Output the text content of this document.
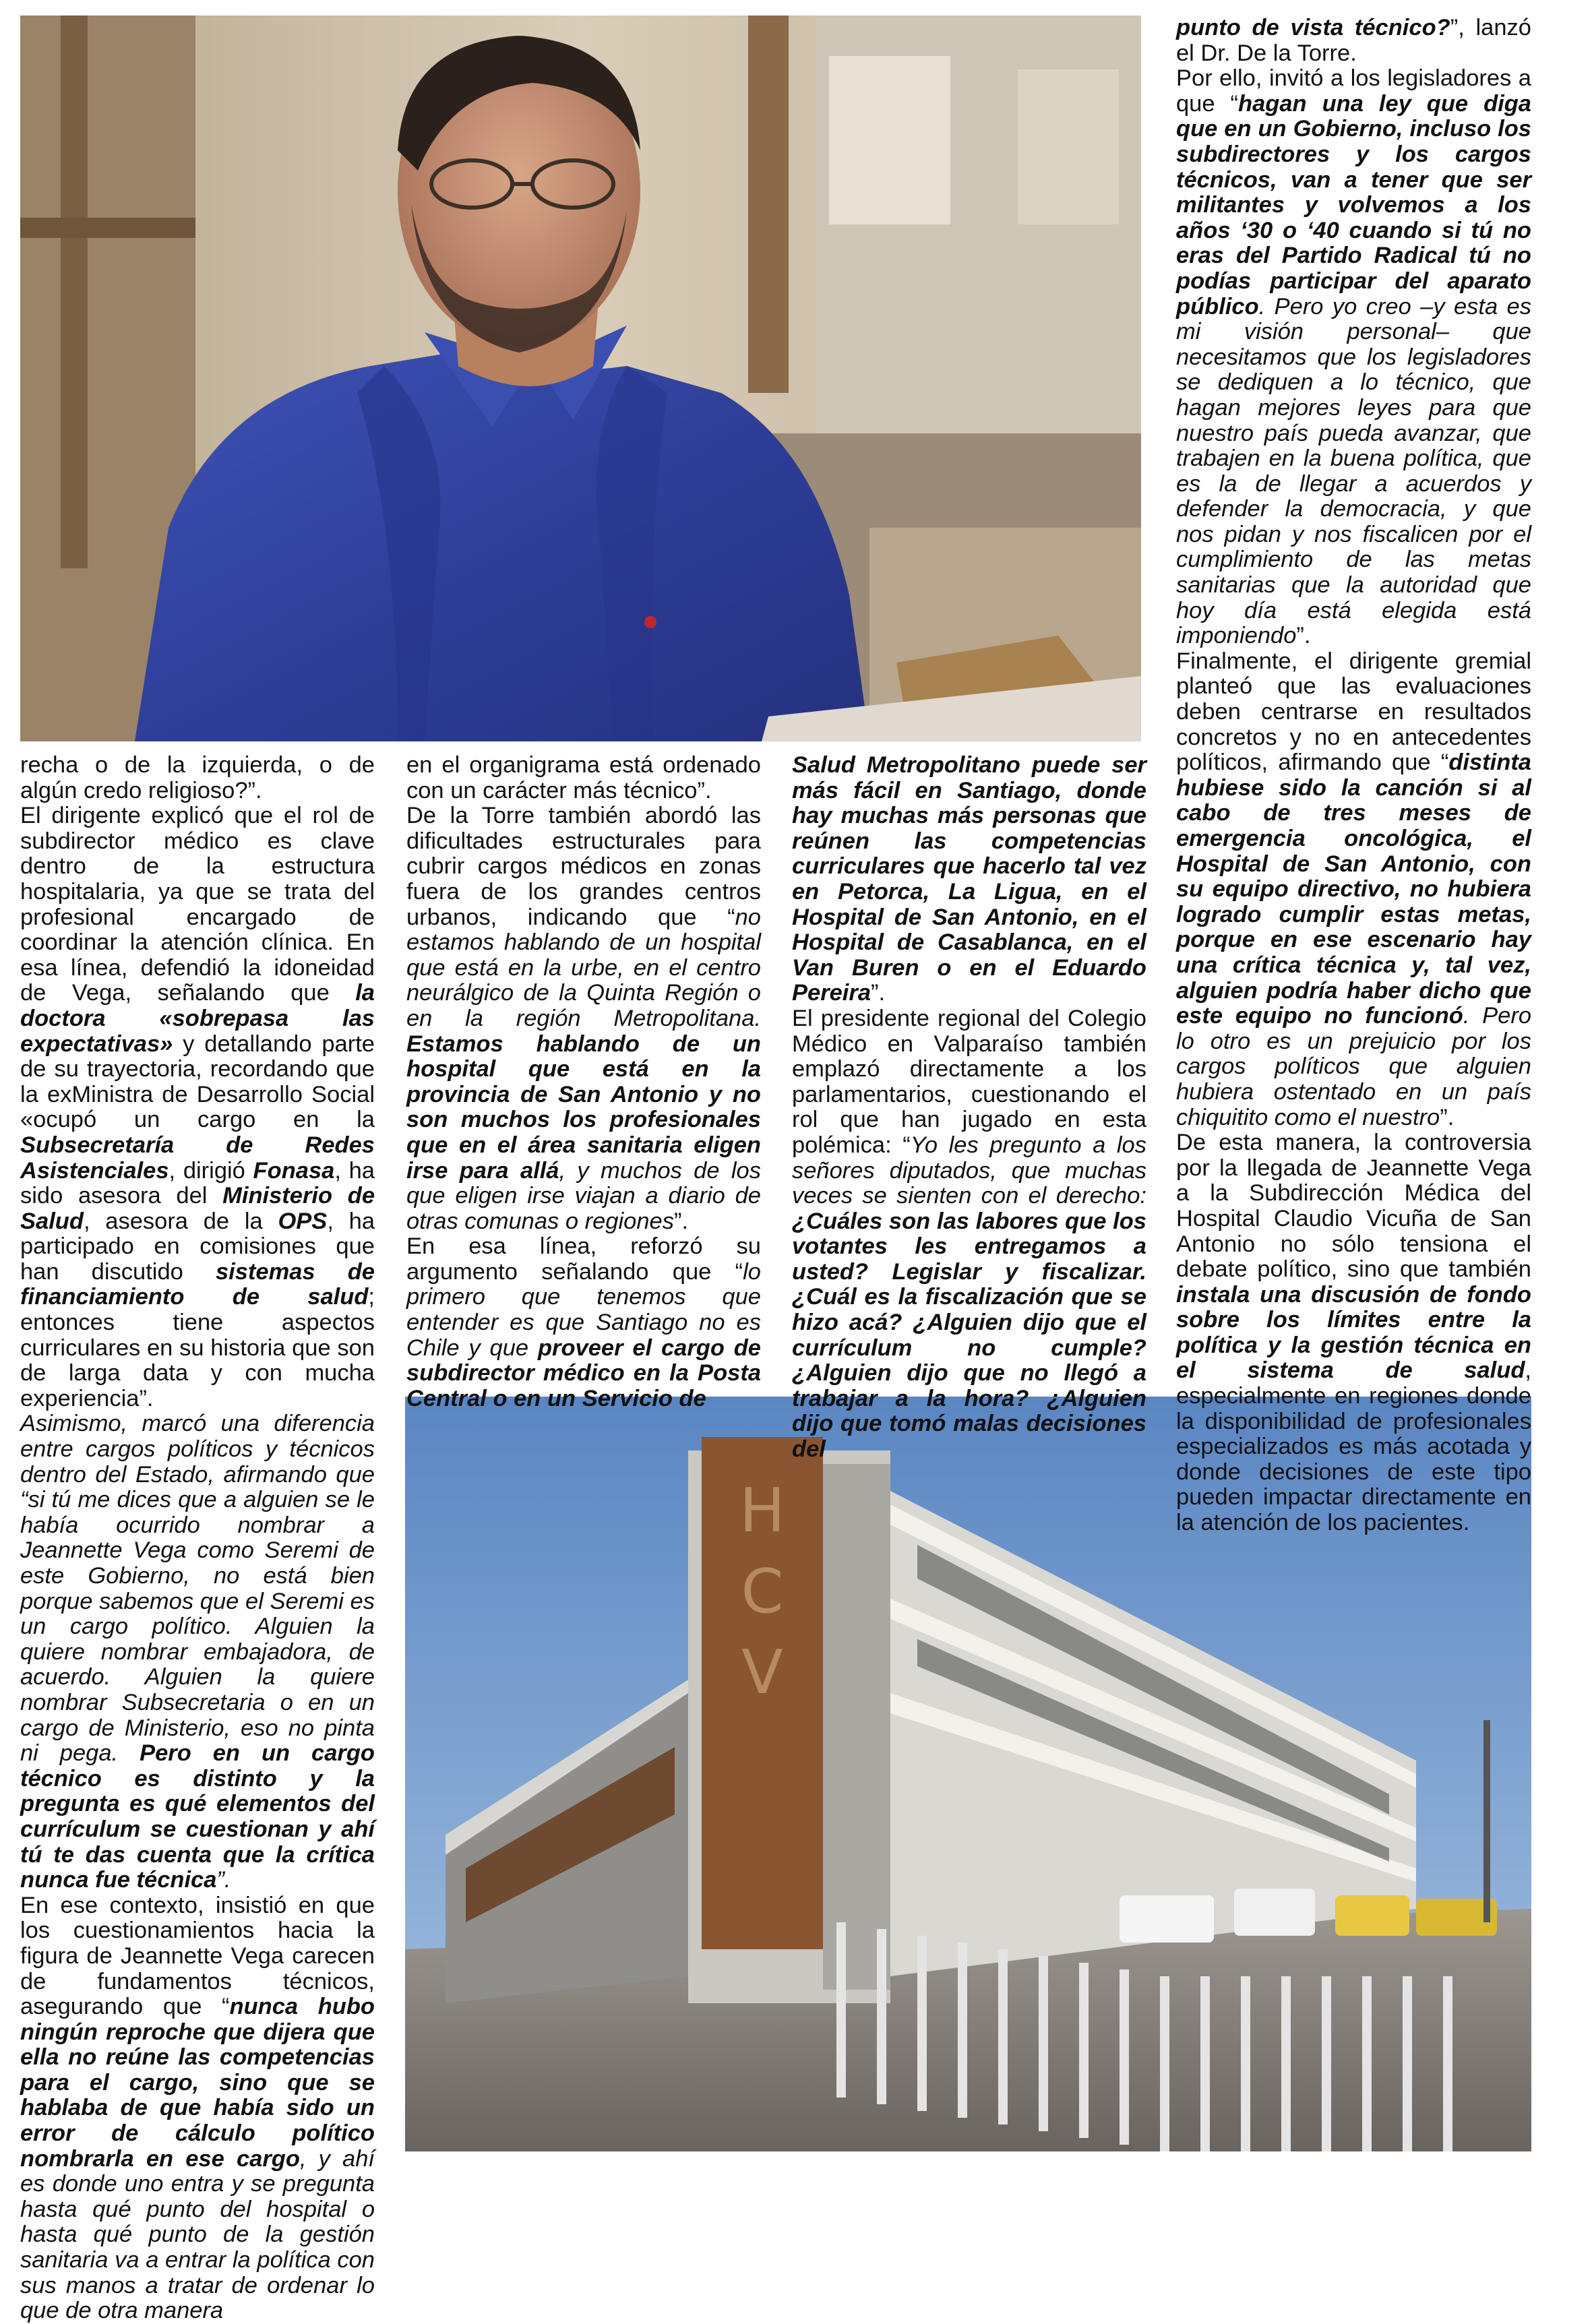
H
C
V

recha o de la izquierda, o de algún credo religioso?”.

El dirigente explicó que el rol de subdirector médico es clave dentro de la estructura hospitalaria, ya que se trata del profesional encargado de coordinar la atención clínica. En esa línea, defendió la idoneidad de Vega, señalando que la doctora «sobrepasa las expectativas» y detallando parte de su trayectoria, recordando que la exMinistra de Desarrollo Social «ocupó un cargo en la Subsecretaría de Redes Asistenciales, dirigió Fonasa, ha sido asesora del Ministerio de Salud, asesora de la OPS, ha participado en comisiones que han discutido sistemas de financiamiento de salud; entonces tiene aspectos curriculares en su historia que son de larga data y con mucha experiencia”.

Asimismo, marcó una diferencia entre cargos políticos y técnicos dentro del Estado, afirmando que “si tú me dices que a alguien se le había ocurrido nombrar a Jeannette Vega como Seremi de este Gobierno, no está bien porque sabemos que el Seremi es un cargo político. Alguien la quiere nombrar embajadora, de acuerdo. Alguien la quiere nombrar Subsecretaria o en un cargo de Ministerio, eso no pinta ni pega. Pero en un cargo técnico es distinto y la pregunta es qué elementos del currículum se cuestionan y ahí tú te das cuenta que la crítica nunca fue técnica”.

En ese contexto, insistió en que los cuestionamientos hacia la figura de Jeannette Vega carecen de fundamentos técnicos, asegurando que “nunca hubo ningún reproche que dijera que ella no reúne las competencias para el cargo, sino que se hablaba de que había sido un error de cálculo político nombrarla en ese cargo, y ahí es donde uno entra y se pregunta hasta qué punto del hospital o hasta qué punto de la gestión sanitaria va a entrar la política con sus manos a tratar de ordenar lo que de otra manera

en el organigrama está ordenado con un carácter más técnico”.

De la Torre también abordó las dificultades estructurales para cubrir cargos médicos en zonas fuera de los grandes centros urbanos, indicando que “no estamos hablando de un hospital que está en la urbe, en el centro neurálgico de la Quinta Región o en la región Metropolitana. Estamos hablando de un hospital que está en la provincia de San Antonio y no son muchos los profesionales que en el área sanitaria eligen irse para allá, y muchos de los que eligen irse viajan a diario de otras comunas o regiones”.

En esa línea, reforzó su argumento señalando que “lo primero que tenemos que entender es que Santiago no es Chile y que proveer el cargo de subdirector médico en la Posta Central o en un Servicio de

Salud Metropolitano puede ser más fácil en Santiago, donde hay muchas más personas que reúnen las competencias curriculares que hacerlo tal vez en Petorca, La Ligua, en el Hospital de San Antonio, en el Hospital de Casablanca, en el Van Buren o en el Eduardo Pereira”.

El presidente regional del Colegio Médico en Valparaíso también emplazó directamente a los parlamentarios, cuestionando el rol que han jugado en esta polémica: “Yo les pregunto a los señores diputados, que muchas veces se sienten con el derecho: ¿Cuáles son las labores que los votantes les entregamos a usted? Legislar y fiscalizar. ¿Cuál es la fiscalización que se hizo acá? ¿Alguien dijo que el currículum no cumple? ¿Alguien dijo que no llegó a trabajar a la hora? ¿Alguien dijo que tomó malas decisiones del

punto de vista técnico?”, lanzó el Dr. De la Torre.

Por ello, invitó a los legisladores a que “hagan una ley que diga que en un Gobierno, incluso los subdirectores y los cargos técnicos, van a tener que ser militantes y volvemos a los años ‘30 o ‘40 cuando si tú no eras del Partido Radical tú no podías participar del aparato público. Pero yo creo –y esta es mi visión personal– que necesitamos que los legisladores se dediquen a lo técnico, que hagan mejores leyes para que nuestro país pueda avanzar, que trabajen en la buena política, que es la de llegar a acuerdos y defender la democracia, y que nos pidan y nos fiscalicen por el cumplimiento de las metas sanitarias que la autoridad que hoy día está elegida está imponiendo”.

Finalmente, el dirigente gremial planteó que las evaluaciones deben centrarse en resultados concretos y no en antecedentes políticos, afirmando que “distinta hubiese sido la canción si al cabo de tres meses de emergencia oncológica, el Hospital de San Antonio, con su equipo directivo, no hubiera logrado cumplir estas metas, porque en ese escenario hay una crítica técnica y, tal vez, alguien podría haber dicho que este equipo no funcionó. Pero lo otro es un prejuicio por los cargos políticos que alguien hubiera ostentado en un país chiquitito como el nuestro”.

De esta manera, la controversia por la llegada de Jeannette Vega a la Subdirección Médica del Hospital Claudio Vicuña de San Antonio no sólo tensiona el debate político, sino que también instala una discusión de fondo sobre los límites entre la política y la gestión técnica en el sistema de salud, especialmente en regiones donde la disponibilidad de profesionales especializados es más acotada y donde decisiones de este tipo pueden impactar directamente en la atención de los pacientes.
